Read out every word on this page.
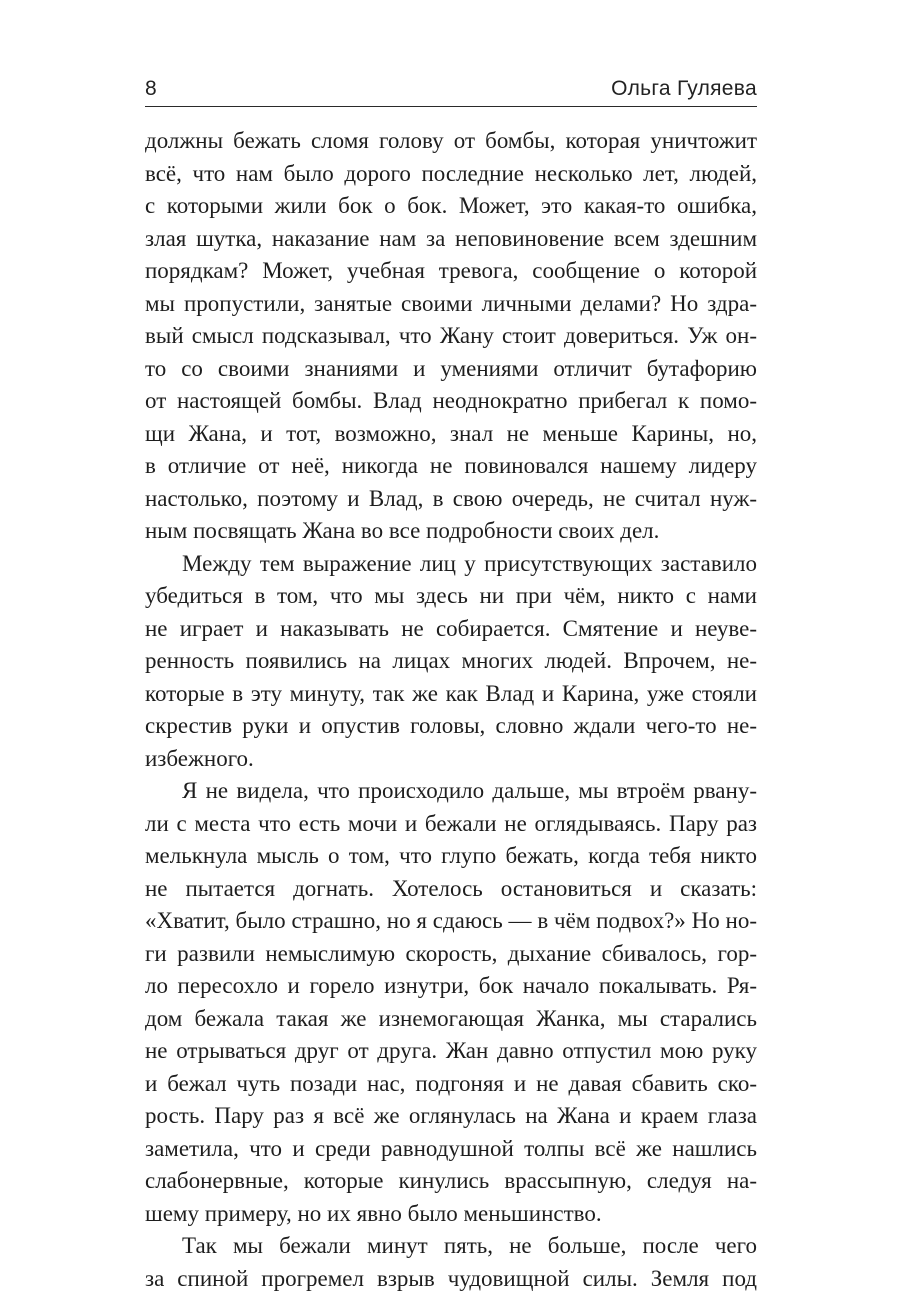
8	Ольга Гуляева

должны бежать сломя голову от бомбы, которая уничтожит

всё, что нам было дорого последние несколько лет, людей,

с которыми жили бок о бок. Может, это какая-то ошибка,

злая шутка, наказание нам за неповиновение всем здешним

порядкам? Может, учебная тревога, сообщение о которой

мы пропустили, занятые своими личными делами? Но здра-

вый смысл подсказывал, что Жану стоит довериться. Уж он-

то со своими знаниями и умениями отличит бутафорию

от настоящей бомбы. Влад неоднократно прибегал к помо-

щи Жана, и тот, возможно, знал не меньше Карины, но,

в отличие от неё, никогда не повиновался нашему лидеру

настолько, поэтому и Влад, в свою очередь, не считал нуж-

ным посвящать Жана во все подробности своих дел.

Между тем выражение лиц у присутствующих заставило

убедиться в том, что мы здесь ни при чём, никто с нами

не играет и наказывать не собирается. Смятение и неуве-

ренность появились на лицах многих людей. Впрочем, не-

которые в эту минуту, так же как Влад и Карина, уже стояли

скрестив руки и опустив головы, словно ждали чего-то не-

избежного.

Я не видела, что происходило дальше, мы втроём рвану-

ли с места что есть мочи и бежали не оглядываясь. Пару раз

мелькнула мысль о том, что глупо бежать, когда тебя никто

не пытается догнать. Хотелось остановиться и сказать:

«Хватит, было страшно, но я сдаюсь — в чём подвох?» Но но-

ги развили немыслимую скорость, дыхание сбивалось, гор-

ло пересохло и горело изнутри, бок начало покалывать. Ря-

дом бежала такая же изнемогающая Жанка, мы старались

не отрываться друг от друга. Жан давно отпустил мою руку

и бежал чуть позади нас, подгоняя и не давая сбавить ско-

рость. Пару раз я всё же оглянулась на Жана и краем глаза

заметила, что и среди равнодушной толпы всё же нашлись

слабонервные, которые кинулись врассыпную, следуя на-

шему примеру, но их явно было меньшинство.

Так мы бежали минут пять, не больше, после чего

за спиной прогремел взрыв чудовищной силы. Земля под
